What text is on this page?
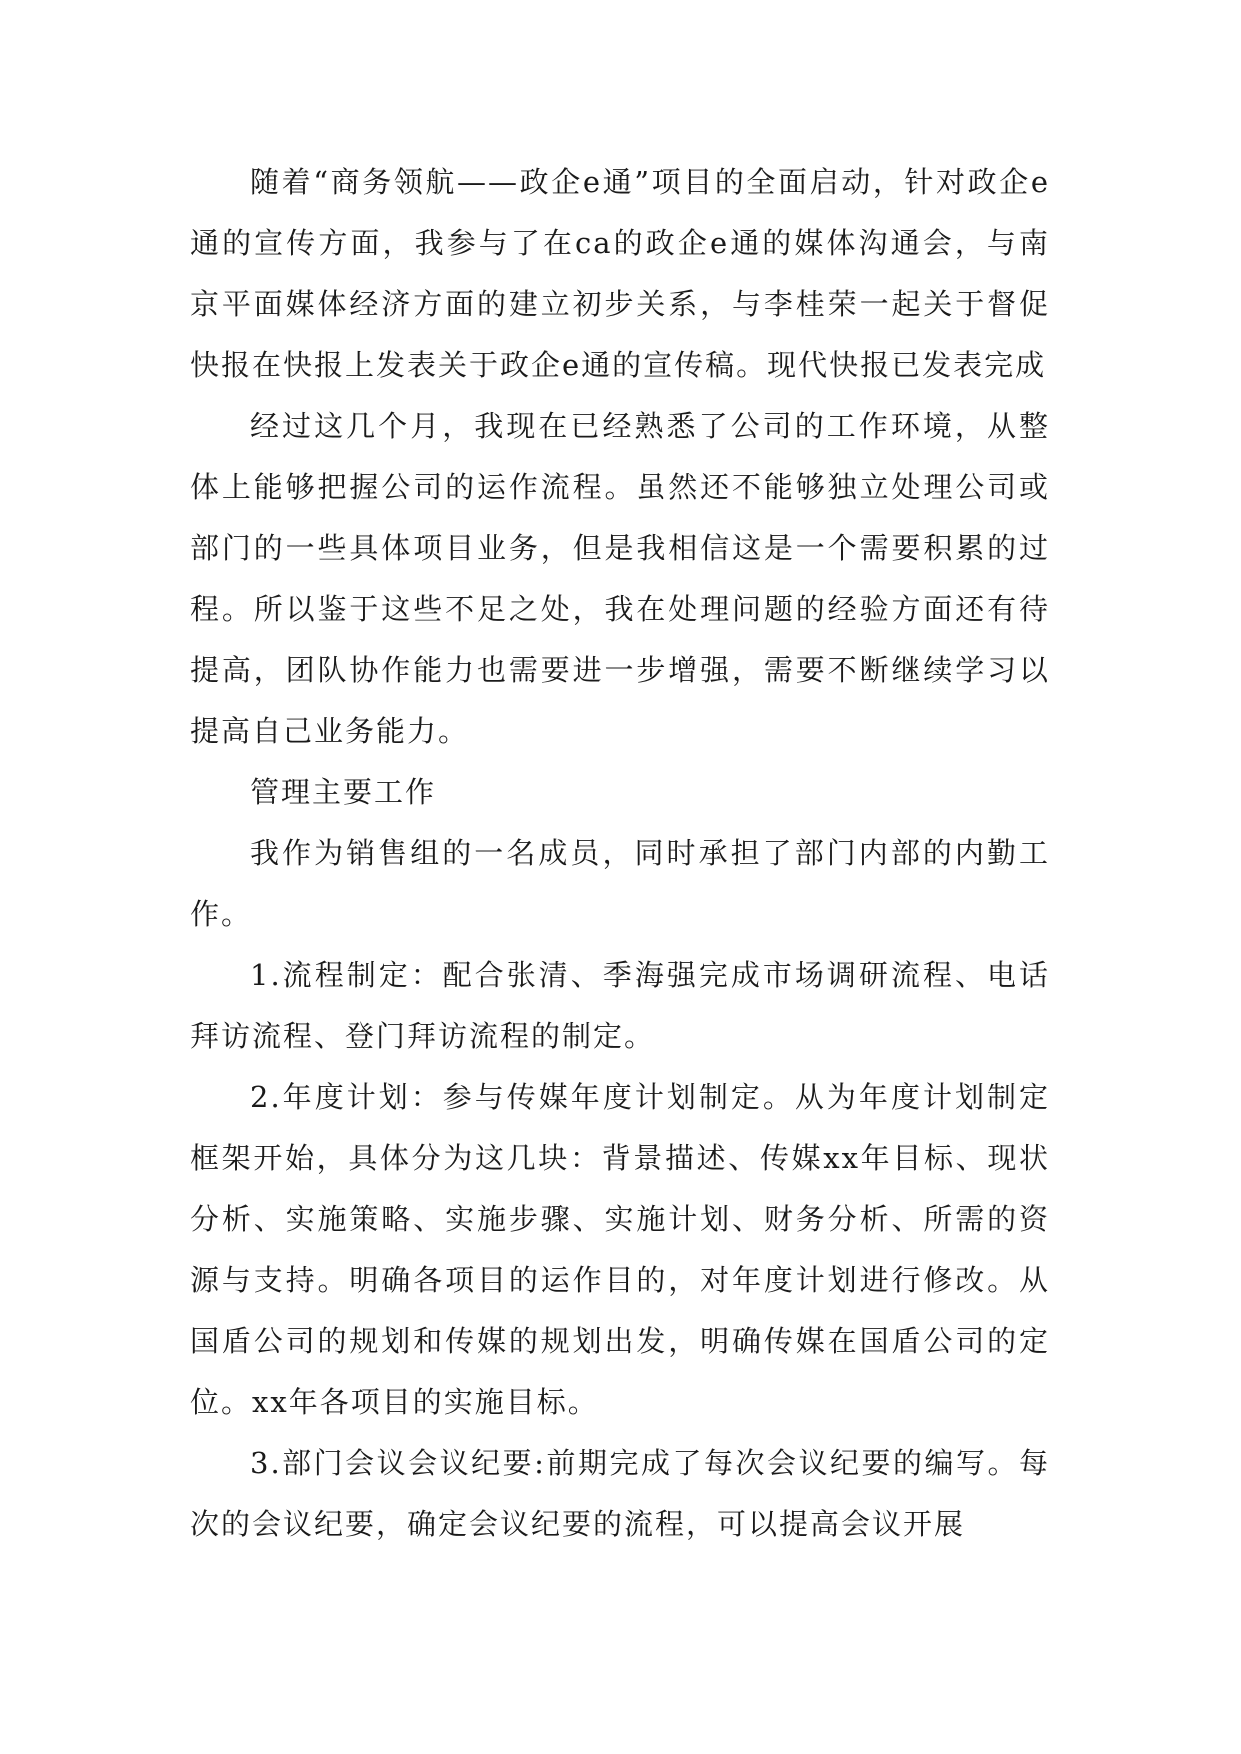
随着“商务领航——政企e通”项目的全面启动，针对政企e通的宣传方面，我参与了在ca的政企e通的媒体沟通会，与南京平面媒体经济方面的建立初步关系，与李桂荣一起关于督促快报在快报上发表关于政企e通的宣传稿。现代快报已发表完成

经过这几个月，我现在已经熟悉了公司的工作环境，从整体上能够把握公司的运作流程。虽然还不能够独立处理公司或部门的一些具体项目业务，但是我相信这是一个需要积累的过程。所以鉴于这些不足之处，我在处理问题的经验方面还有待提高，团队协作能力也需要进一步增强，需要不断继续学习以提高自己业务能力。

管理主要工作

我作为销售组的一名成员，同时承担了部门内部的内勤工作。

1.流程制定：配合张清、季海强完成市场调研流程、电话拜访流程、登门拜访流程的制定。

2.年度计划：参与传媒年度计划制定。从为年度计划制定框架开始，具体分为这几块：背景描述、传媒xx年目标、现状分析、实施策略、实施步骤、实施计划、财务分析、所需的资源与支持。明确各项目的运作目的，对年度计划进行修改。从国盾公司的规划和传媒的规划出发，明确传媒在国盾公司的定位。xx年各项目的实施目标。

3.部门会议会议纪要:前期完成了每次会议纪要的编写。每次的会议纪要，确定会议纪要的流程，可以提高会议开展
